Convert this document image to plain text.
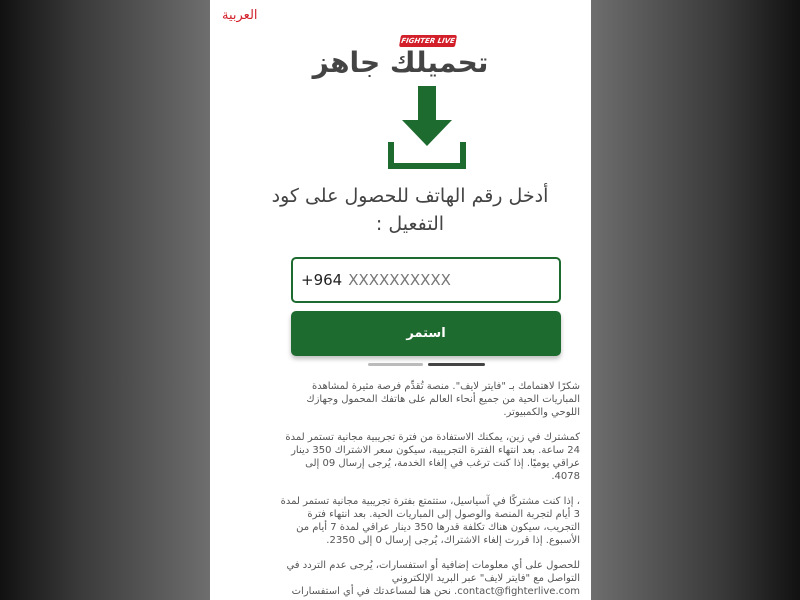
العربية
FIGHTER LIVE
تحميلك جاهز
أدخل رقم الهاتف للحصول على كود التفعيل :
+964
XXXXXXXXXX
استمر

شكرًا لاهتمامك بـ "فايتر لايف". منصة تُقدِّم فرصة مثيرة لمشاهدة المباريات الحية من جميع أنحاء العالم على هاتفك المحمول وجهازك اللوحي والكمبيوتر.

كمشترك في زين، يمكنك الاستفادة من فترة تجريبية مجانية تستمر لمدة 24 ساعة. بعد انتهاء الفترة التجريبية، سيكون سعر الاشتراك 350 دينار عراقي يوميًا. إذا كنت ترغب في إلغاء الخدمة، يُرجى إرسال 09 إلى 4078.

، إذا كنت مشتركًا في آسياسيل، ستتمتع بفترة تجريبية مجانية تستمر لمدة 3 أيام لتجربة المنصة والوصول إلى المباريات الحية. بعد انتهاء فترة التجريب، سيكون هناك تكلفة قدرها 350 دينار عراقي لمدة 7 أيام من الأسبوع. إذا قررت إلغاء الاشتراك، يُرجى إرسال 0 إلى 2350.

للحصول على أي معلومات إضافية أو استفسارات، يُرجى عدم التردد في التواصل مع "فايتر لايف" عبر البريد الإلكتروني contact@fighterlive.com. نحن هنا لمساعدتك في أي استفسارات
